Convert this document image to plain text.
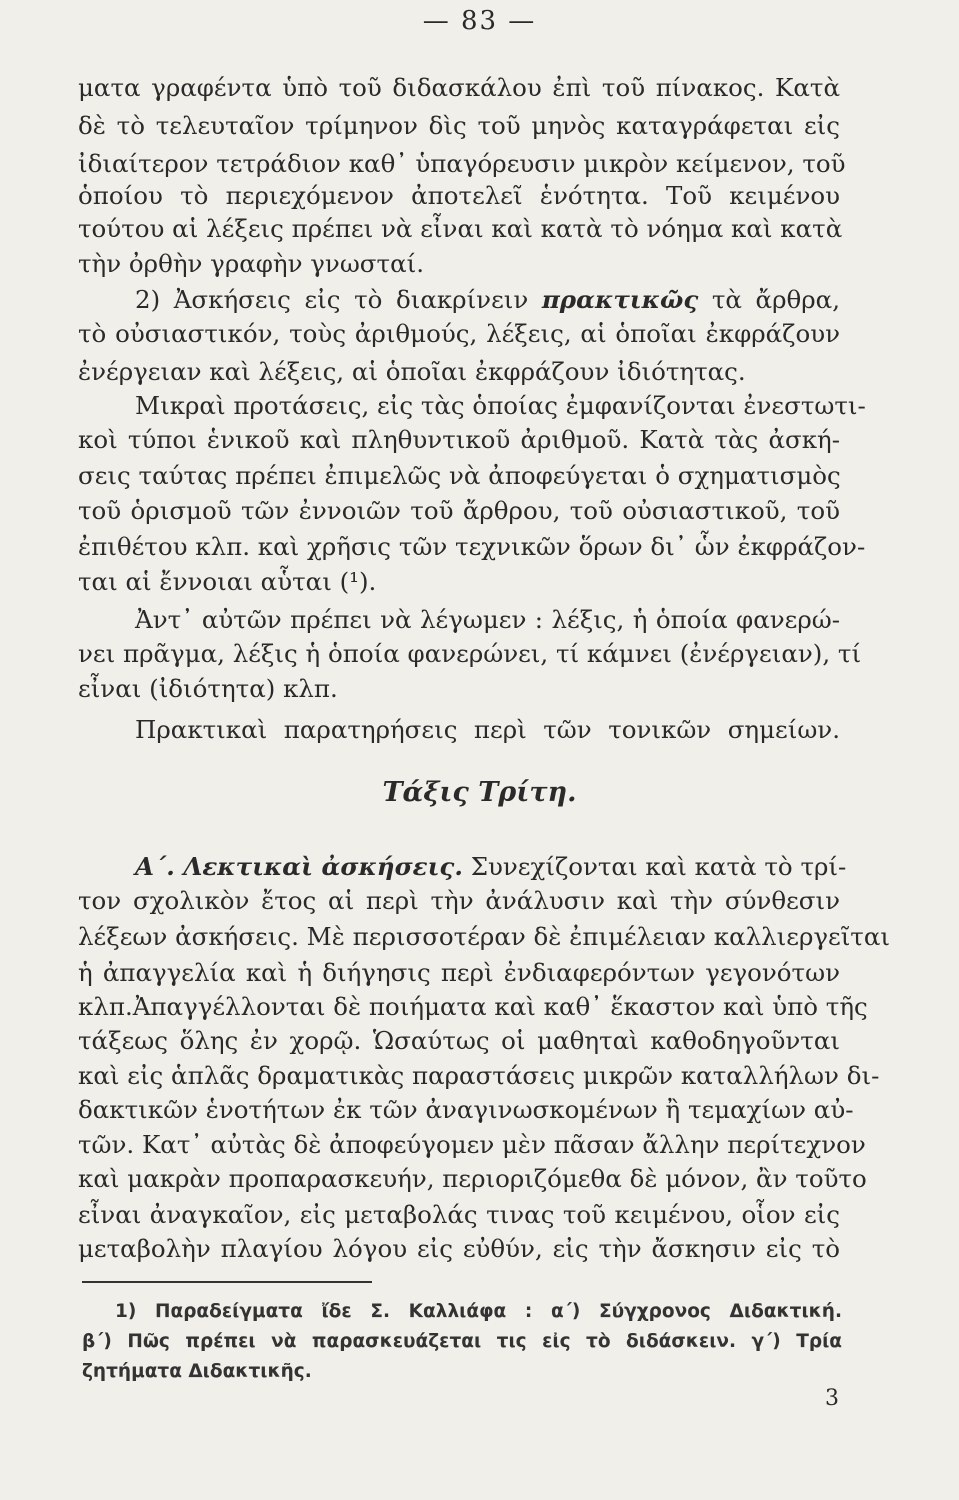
— 83 —
ματα γραφέντα ὑπὸ τοῦ διδασκάλου ἐπὶ τοῦ πίνακος. Κατὰ
δὲ τὸ τελευταῖον τρίμηνον δὶς τοῦ μηνὸς καταγράφεται εἰς
ἰδιαίτερον τετράδιον καθ᾽ ὑπαγόρευσιν μικρὸν κείμενον, τοῦ
ὁποίου τὸ περιεχόμενον ἀποτελεῖ ἑνότητα. Τοῦ κειμένου
τούτου αἱ λέξεις πρέπει νὰ εἶναι καὶ κατὰ τὸ νόημα καὶ κατὰ
τὴν ὀρθὴν γραφὴν γνωσταί.
2) Ἀσκήσεις εἰς τὸ διακρίνειν πρακτικῶς τὰ ἄρθρα,
τὸ οὐσιαστικόν, τοὺς ἀριθμούς, λέξεις, αἱ ὁποῖαι ἐκφράζουν
ἐνέργειαν καὶ λέξεις, αἱ ὁποῖαι ἐκφράζουν ἰδιότητας.
Μικραὶ προτάσεις, εἰς τὰς ὁποίας ἐμφανίζονται ἐνεστωτι-
κοὶ τύποι ἑνικοῦ καὶ πληθυντικοῦ ἀριθμοῦ. Κατὰ τὰς ἀσκή-
σεις ταύτας πρέπει ἐπιμελῶς νὰ ἀποφεύγεται ὁ σχηματισμὸς
τοῦ ὁρισμοῦ τῶν ἐννοιῶν τοῦ ἄρθρου, τοῦ οὐσιαστικοῦ, τοῦ
ἐπιθέτου κλπ. καὶ χρῆσις τῶν τεχνικῶν ὅρων δι᾽ ὧν ἐκφράζον-
ται αἱ ἔννοιαι αὗται (¹).
Ἀντ᾽ αὐτῶν πρέπει νὰ λέγωμεν : λέξις, ἡ ὁποία φανερώ-
νει πρᾶγμα, λέξις ἡ ὁποία φανερώνει, τί κάμνει (ἐνέργειαν), τί
εἶναι (ἰδιότητα) κλπ.
Πρακτικαὶ παρατηρήσεις περὶ τῶν τονικῶν σημείων.
Τάξις Τρίτη.
Α΄. Λεκτικαὶ ἀσκήσεις. Συνεχίζονται καὶ κατὰ τὸ τρί-
τον σχολικὸν ἔτος αἱ περὶ τὴν ἀνάλυσιν καὶ τὴν σύνθεσιν
λέξεων ἀσκήσεις. Μὲ περισσοτέραν δὲ ἐπιμέλειαν καλλιεργεῖται
ἡ ἀπαγγελία καὶ ἡ διήγησις περὶ ἐνδιαφερόντων γεγονότων
κλπ.Ἀπαγγέλλονται δὲ ποιήματα καὶ καθ᾽ ἕκαστον καὶ ὑπὸ τῆς
τάξεως ὅλης ἐν χορῷ. Ὡσαύτως οἱ μαθηταὶ καθοδηγοῦνται
καὶ εἰς ἁπλᾶς δραματικὰς παραστάσεις μικρῶν καταλλήλων δι-
δακτικῶν ἑνοτήτων ἐκ τῶν ἀναγινωσκομένων ἢ τεμαχίων αὐ-
τῶν. Κατ᾽ αὐτὰς δὲ ἀποφεύγομεν μὲν πᾶσαν ἄλλην περίτεχνον
καὶ μακρὰν προπαρασκευήν, περιοριζόμεθα δὲ μόνον, ἂν τοῦτο
εἶναι ἀναγκαῖον, εἰς μεταβολάς τινας τοῦ κειμένου, οἷον εἰς
μεταβολὴν πλαγίου λόγου εἰς εὐθύν, εἰς τὴν ἄσκησιν εἰς τὸ
1) Παραδείγματα ἴδε Σ. Καλλιάφα : α΄) Σύγχρονος Διδακτική.
β΄) Πῶς πρέπει νὰ παρασκευάζεται τις εἰς τὸ διδάσκειν. γ΄) Τρία
ζητήματα Διδακτικῆς.
3
